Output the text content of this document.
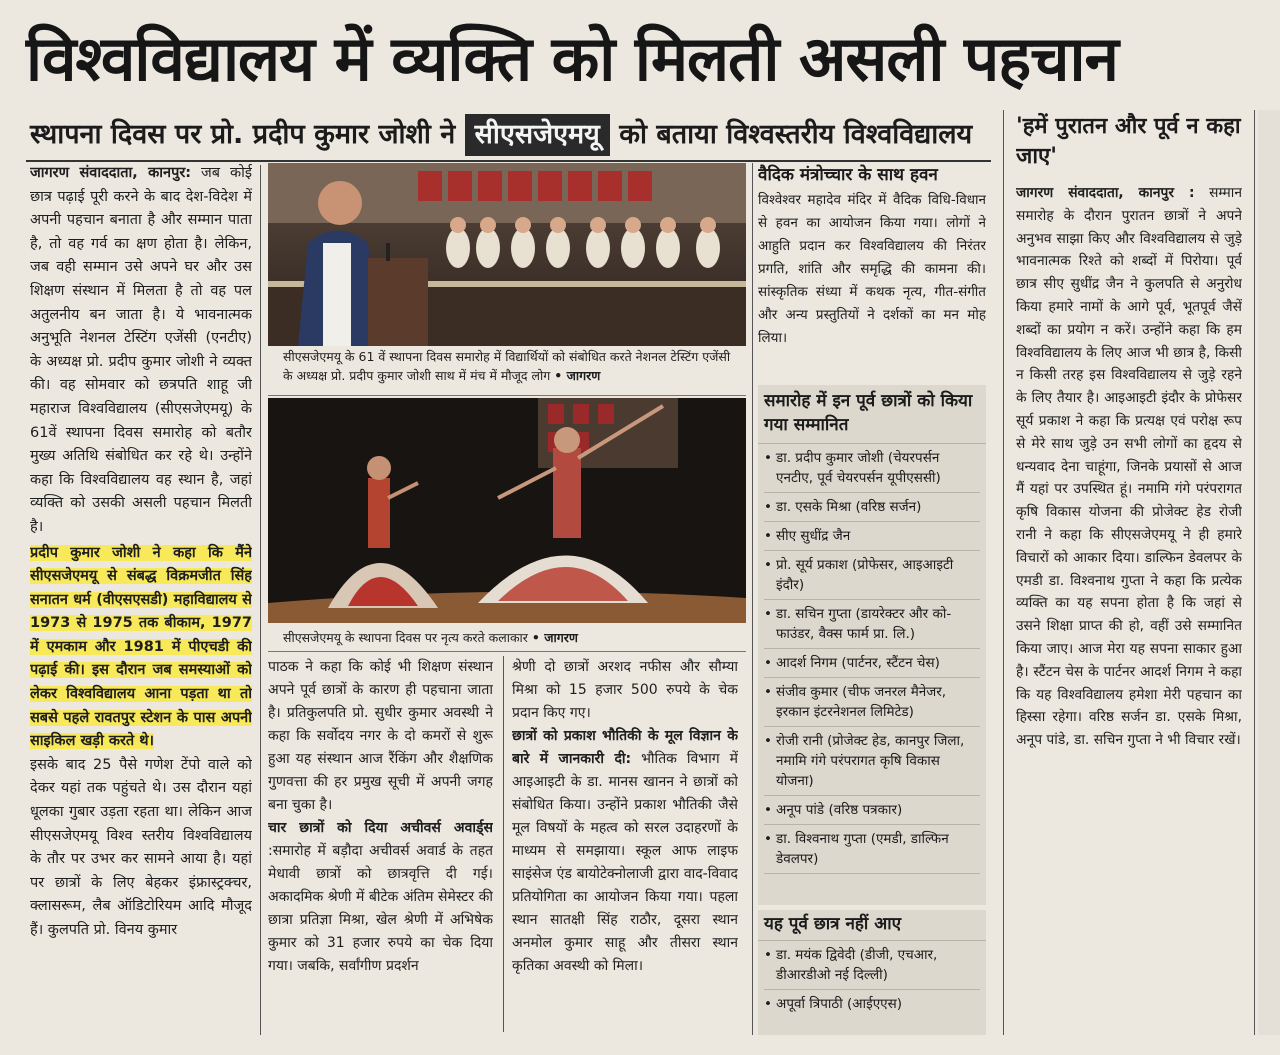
विश्वविद्यालय में व्यक्ति को मिलती असली पहचान
स्थापना दिवस पर प्रो. प्रदीप कुमार जोशी ने सीएसजेएमयू को बताया विश्वस्तरीय विश्वविद्यालय

जागरण संवाददाता, कानपुर: जब कोई छात्र पढ़ाई पूरी करने के बाद देश-विदेश में अपनी पहचान बनाता है और सम्मान पाता है, तो वह गर्व का क्षण होता है। लेकिन, जब वही सम्मान उसे अपने घर और उस शिक्षण संस्थान में मिलता है तो वह पल अतुलनीय बन जाता है। ये भावनात्मक अनुभूति नेशनल टेस्टिंग एजेंसी (एनटीए) के अध्यक्ष प्रो. प्रदीप कुमार जोशी ने व्यक्त की। वह सोमवार को छत्रपति शाहू जी महाराज विश्वविद्यालय (सीएसजेएमयू) के 61वें स्थापना दिवस समारोह को बतौर मुख्य अतिथि संबोधित कर रहे थे। उन्होंने कहा कि विश्वविद्यालय वह स्थान है, जहां व्यक्ति को उसकी असली पहचान मिलती है।

प्रदीप कुमार जोशी ने कहा कि मैंने सीएसजेएमयू से संबद्ध विक्रमजीत सिंह सनातन धर्म (वीएसएसडी) महाविद्यालय से 1973 से 1975 तक बीकाम, 1977 में एमकाम और 1981 में पीएचडी की पढ़ाई की। इस दौरान जब समस्याओं को लेकर विश्वविद्यालय आना पड़ता था तो सबसे पहले रावतपुर स्टेशन के पास अपनी साइकिल खड़ी करते थे।

इसके बाद 25 पैसे गणेश टेंपो वाले को देकर यहां तक पहुंचते थे। उस दौरान यहां धूलका गुबार उड़ता रहता था। लेकिन आज सीएसजेएमयू विश्व स्तरीय विश्वविद्यालय के तौर पर उभर कर सामने आया है। यहां पर छात्रों के लिए बेहकर इंफ्रास्ट्रक्चर, क्लासरूम, लैब ऑडिटोरियम आदि मौजूद हैं। कुलपति प्रो. विनय कुमार

सीएसजेएमयू के 61 वें स्थापना दिवस समारोह में विद्यार्थियों को संबोधित करते नेशनल टेस्टिंग एजेंसी के अध्यक्ष प्रो. प्रदीप कुमार जोशी साथ में मंच में मौजूद लोग • जागरण
सीएसजेएमयू के स्थापना दिवस पर नृत्य करते कलाकार • जागरण

पाठक ने कहा कि कोई भी शिक्षण संस्थान अपने पूर्व छात्रों के कारण ही पहचाना जाता है। प्रतिकुलपति प्रो. सुधीर कुमार अवस्थी ने कहा कि सर्वोदय नगर के दो कमरों से शुरू हुआ यह संस्थान आज रैंकिंग और शैक्षणिक गुणवत्ता की हर प्रमुख सूची में अपनी जगह बना चुका है।

चार छात्रों को दिया अचीवर्स अवार्ड्स :समारोह में बड़ौदा अचीवर्स अवार्ड के तहत मेधावी छात्रों को छात्रवृत्ति दी गई। अकादमिक श्रेणी में बीटेक अंतिम सेमेस्टर की छात्रा प्रतिज्ञा मिश्रा, खेल श्रेणी में अभिषेक कुमार को 31 हजार रुपये का चेक दिया गया। जबकि, सर्वांगीण प्रदर्शन

श्रेणी दो छात्रों अरशद नफीस और सौम्या मिश्रा को 15 हजार 500 रुपये के चेक प्रदान किए गए।

छात्रों को प्रकाश भौतिकी के मूल विज्ञान के बारे में जानकारी दी: भौतिक विभाग में आइआइटी के डा. मानस खानन ने छात्रों को संबोधित किया। उन्होंने प्रकाश भौतिकी जैसे मूल विषयों के महत्व को सरल उदाहरणों के माध्यम से समझाया। स्कूल आफ लाइफ साइंसेज एंड बायोटेक्नोलाजी द्वारा वाद-विवाद प्रतियोगिता का आयोजन किया गया। पहला स्थान सातक्षी सिंह राठौर, दूसरा स्थान अनमोल कुमार साहू और तीसरा स्थान कृतिका अवस्थी को मिला।

वैदिक मंत्रोच्चार के साथ हवन
विश्वेश्वर महादेव मंदिर में वैदिक विधि-विधान से हवन का आयोजन किया गया। लोगों ने आहुति प्रदान कर विश्वविद्यालय की निरंतर प्रगति, शांति और समृद्धि की कामना की। सांस्कृतिक संध्या में कथक नृत्य, गीत-संगीत और अन्य प्रस्तुतियों ने दर्शकों का मन मोह लिया।
समारोह में इन पूर्व छात्रों को किया गया सम्मानित
• डा. प्रदीप कुमार जोशी (चेयरपर्सन एनटीए, पूर्व चेयरपर्सन यूपीएससी)
• डा. एसके मिश्रा (वरिष्ठ सर्जन)
• सीए सुधींद्र जैन
• प्रो. सूर्य प्रकाश (प्रोफेसर, आइआइटी इंदौर)
• डा. सचिन गुप्ता (डायरेक्टर और को-फाउंडर, वैक्स फार्म प्रा. लि.)
• आदर्श निगम (पार्टनर, स्टैंटन चेस)
• संजीव कुमार (चीफ जनरल मैनेजर, इरकान इंटरनेशनल लिमिटेड)
• रोजी रानी (प्रोजेक्ट हेड, कानपुर जिला, नमामि गंगे परंपरागत कृषि विकास योजना)
• अनूप पांडे (वरिष्ठ पत्रकार)
• डा. विश्वनाथ गुप्ता (एमडी, डाल्फिन डेवलपर)
यह पूर्व छात्र नहीं आए
• डा. मयंक द्विवेदी (डीजी, एचआर, डीआरडीओ नई दिल्ली)
• अपूर्वा त्रिपाठी (आईएएस)
'हमें पुरातन और पूर्व न कहा जाए'
जागरण संवाददाता, कानपुर : सम्मान समारोह के दौरान पुरातन छात्रों ने अपने अनुभव साझा किए और विश्वविद्यालय से जुड़े भावनात्मक रिश्ते को शब्दों में पिरोया। पूर्व छात्र सीए सुधींद्र जैन ने कुलपति से अनुरोध किया हमारे नामों के आगे पूर्व, भूतपूर्व जैसें शब्दों का प्रयोग न करें। उन्होंने कहा कि हम विश्वविद्यालय के लिए आज भी छात्र है, किसी न किसी तरह इस विश्वविद्यालय से जुड़े रहने के लिए तैयार है। आइआइटी इंदौर के प्रोफेसर सूर्य प्रकाश ने कहा कि प्रत्यक्ष एवं परोक्ष रूप से मेरे साथ जुड़े उन सभी लोगों का हृदय से धन्यवाद देना चाहूंगा, जिनके प्रयासों से आज मैं यहां पर उपस्थित हूं। नमामि गंगे परंपरागत कृषि विकास योजना की प्रोजेक्ट हेड रोजी रानी ने कहा कि सीएसजेएमयू ने ही हमारे विचारों को आकार दिया। डाल्फिन डेवलपर के एमडी डा. विश्वनाथ गुप्ता ने कहा कि प्रत्येक व्यक्ति का यह सपना होता है कि जहां से उसने शिक्षा प्राप्त की हो, वहीं उसे सम्मानित किया जाए। आज मेरा यह सपना साकार हुआ है। स्टैंटन चेस के पार्टनर आदर्श निगम ने कहा कि यह विश्वविद्यालय हमेशा मेरी पहचान का हिस्सा रहेगा। वरिष्ठ सर्जन डा. एसके मिश्रा, अनूप पांडे, डा. सचिन गुप्ता ने भी विचार रखें।
